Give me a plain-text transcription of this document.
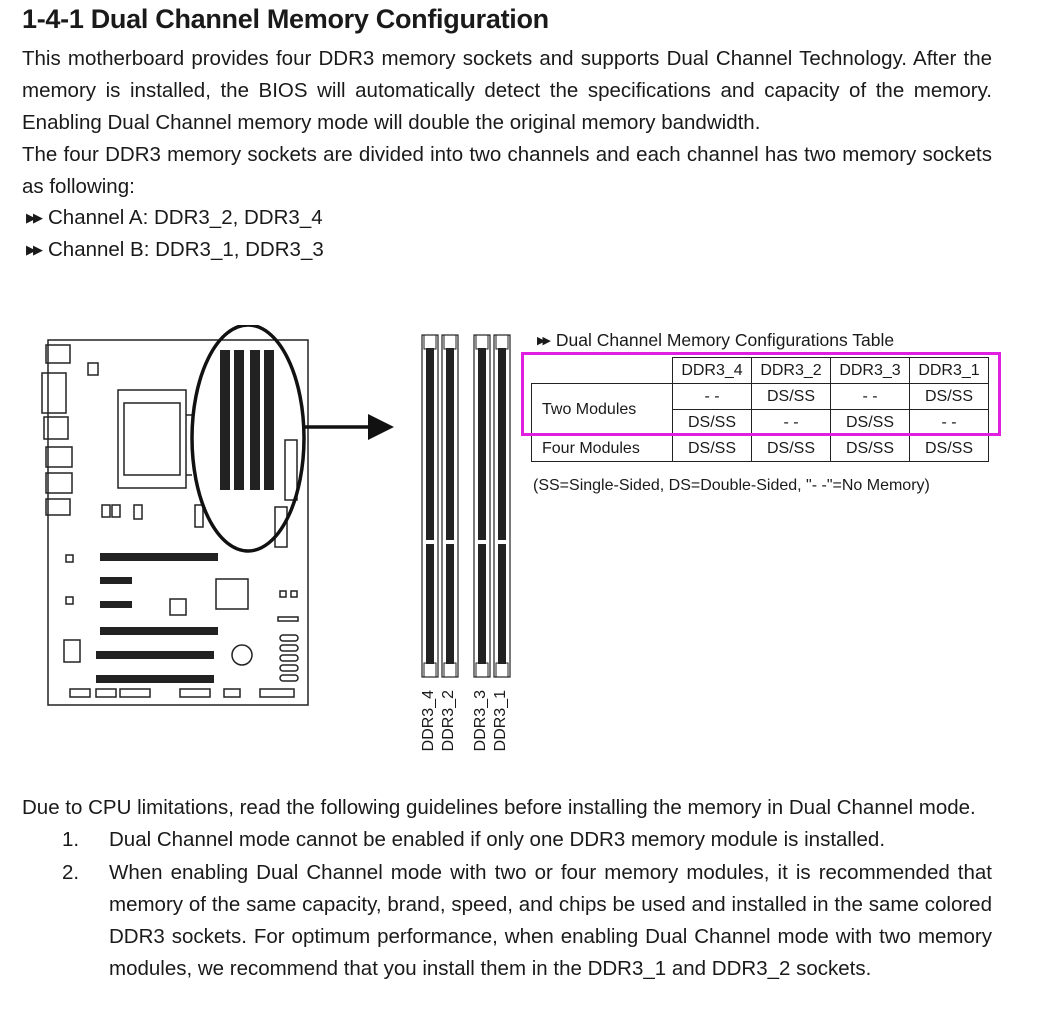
1-4-1 Dual Channel Memory Configuration
This motherboard provides four DDR3 memory sockets and supports Dual Channel Technology. After the memory is installed, the BIOS will automatically detect the specifications and capacity of the memory. Enabling Dual Channel memory mode will double the original memory bandwidth.
The four DDR3 memory sockets are divided into two channels and each channel has two memory sockets as following:
▶▶ Channel A: DDR3_2, DDR3_4
▶▶ Channel B: DDR3_1, DDR3_3
DDR3_4 DDR3_2 DDR3_3 DDR3_1
▶▶ Dual Channel Memory Configurations Table
	DDR3_4	DDR3_2	DDR3_3	DDR3_1
Two Modules	- -	DS/SS	- -	DS/SS
	DS/SS	- -	DS/SS	- -
Four Modules	DS/SS	DS/SS	DS/SS	DS/SS
(SS=Single-Sided, DS=Double-Sided, "- -"=No Memory)
Due to CPU limitations, read the following guidelines before installing the memory in Dual Channel mode.
1. Dual Channel mode cannot be enabled if only one DDR3 memory module is installed.
2. When enabling Dual Channel mode with two or four memory modules, it is recommended that memory of the same capacity, brand, speed, and chips be used and installed in the same colored DDR3 sockets. For optimum performance, when enabling Dual Channel mode with two memory modules, we recommend that you install them in the DDR3_1 and DDR3_2 sockets.
